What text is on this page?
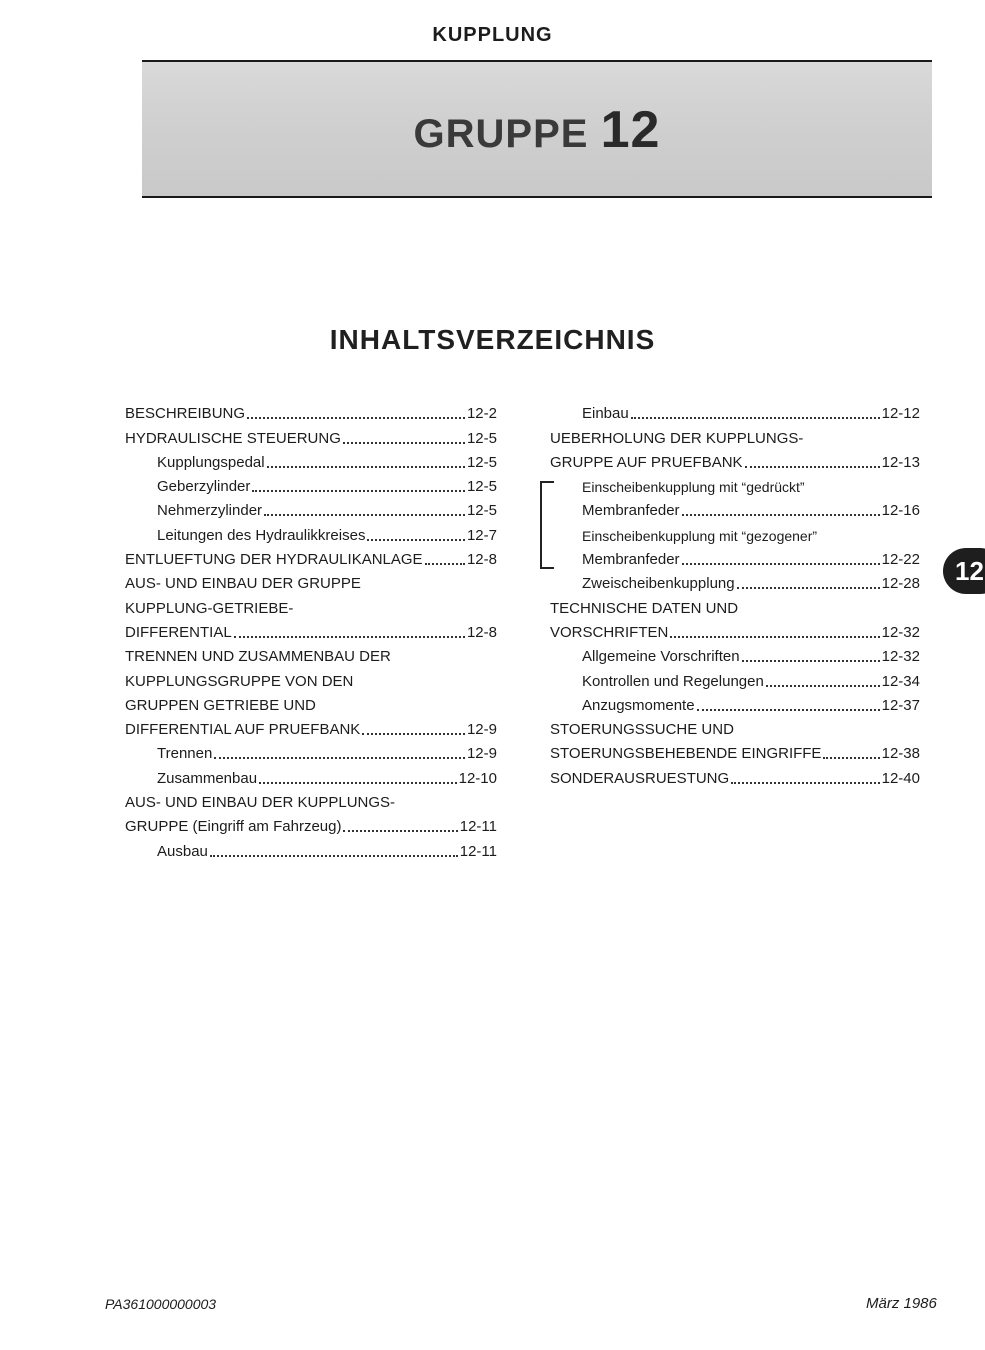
KUPPLUNG
GRUPPE 12
INHALTSVERZEICHNIS
BESCHREIBUNG	12-2
HYDRAULISCHE STEUERUNG	12-5
Kupplungspedal	12-5
Geberzylinder	12-5
Nehmerzylinder	12-5
Leitungen des Hydraulikkreises	12-7
ENTLUEFTUNG DER HYDRAULIKANLAGE	12-8
AUS- UND EINBAU DER GRUPPE
KUPPLUNG-GETRIEBE-
DIFFERENTIAL	12-8
TRENNEN UND ZUSAMMENBAU DER
KUPPLUNGSGRUPPE VON DEN
GRUPPEN GETRIEBE UND
DIFFERENTIAL AUF PRUEFBANK	12-9
Trennen	12-9
Zusammenbau	12-10
AUS- UND EINBAU DER KUPPLUNGS-
GRUPPE (Eingriff am Fahrzeug)	12-11
Ausbau	12-11
Einbau	12-12
UEBERHOLUNG DER KUPPLUNGS-
GRUPPE AUF PRUEFBANK	12-13
Einscheibenkupplung mit “gedrückt”
Membranfeder	12-16
Einscheibenkupplung mit “gezogener”
Membranfeder	12-22
Zweischeibenkupplung	12-28
TECHNISCHE DATEN UND
VORSCHRIFTEN	12-32
Allgemeine Vorschriften	12-32
Kontrollen und Regelungen	12-34
Anzugsmomente	12-37
STOERUNGSSUCHE UND
STOERUNGSBEHEBENDE EINGRIFFE	12-38
SONDERAUSRUESTUNG	12-40
12
PA361000000003	März 1986
